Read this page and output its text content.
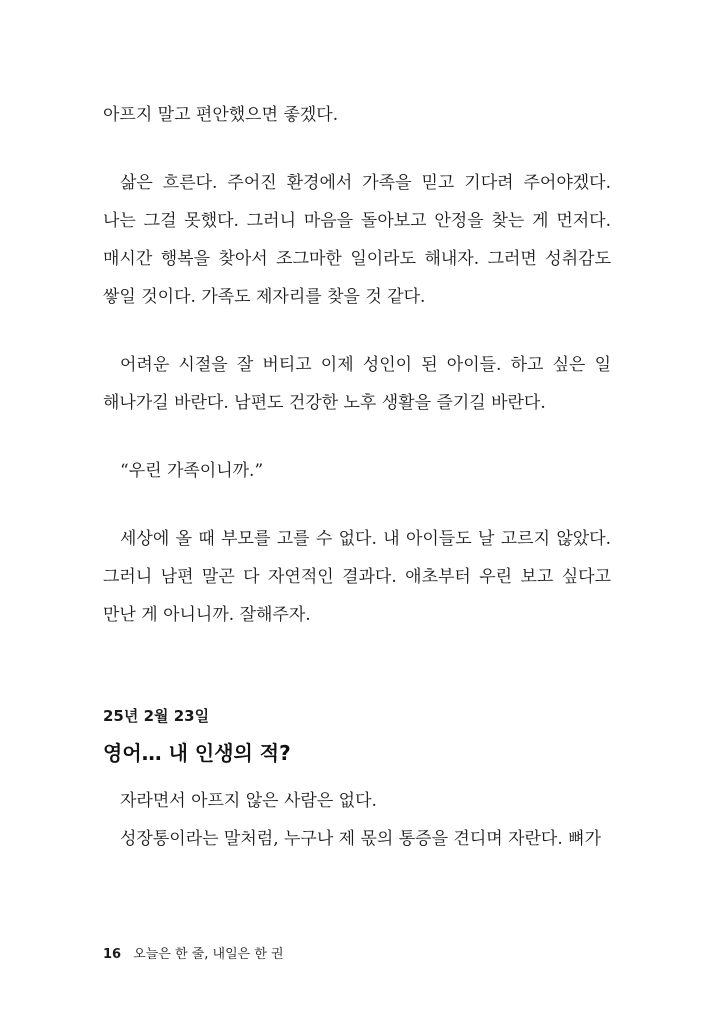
아프지 말고 편안했으면 좋겠다.

삶은 흐른다. 주어진 환경에서 가족을 믿고 기다려 주어야겠다. 나는 그걸 못했다. 그러니 마음을 돌아보고 안정을 찾는 게 먼저다. 매시간 행복을 찾아서 조그마한 일이라도 해내자. 그러면 성취감도 쌓일 것이다. 가족도 제자리를 찾을 것 같다.

어려운 시절을 잘 버티고 이제 성인이 된 아이들. 하고 싶은 일 해나가길 바란다. 남편도 건강한 노후 생활을 즐기길 바란다.

“우린 가족이니까.”

세상에 올 때 부모를 고를 수 없다. 내 아이들도 날 고르지 않았다. 그러니 남편 말곤 다 자연적인 결과다. 애초부터 우린 보고 싶다고 만난 게 아니니까. 잘해주자.

25년 2월 23일
영어… 내 인생의 적?

자라면서 아프지 않은 사람은 없다.

성장통이라는 말처럼, 누구나 제 몫의 통증을 견디며 자란다. 뼈가

16 오늘은 한 줄, 내일은 한 권
